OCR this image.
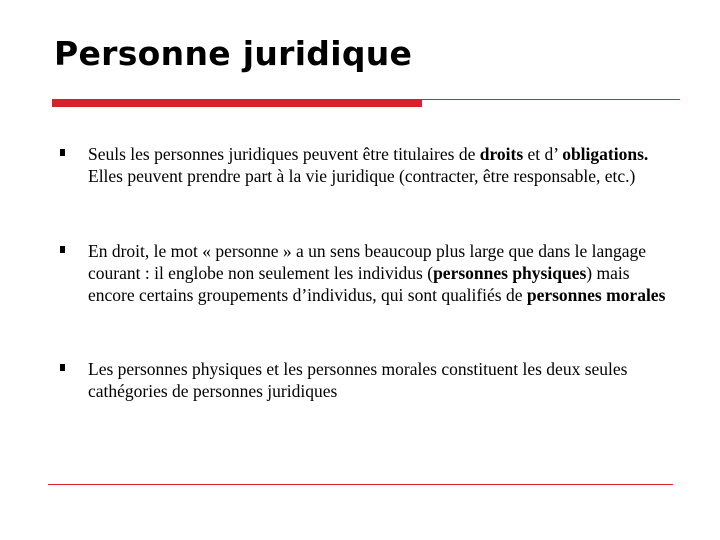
Personne juridique

Seuls les personnes juridiques peuvent être titulaires de droits et d’ obligations. Elles peuvent prendre part à la vie juridique (contracter, être responsable, etc.)

En droit, le mot « personne » a un sens beaucoup plus large que dans le langage courant : il englobe non seulement les individus (personnes physiques) mais encore certains groupements d’individus, qui sont qualifiés de personnes morales

Les personnes physiques et les personnes morales constituent les deux seules cathégories de personnes juridiques
